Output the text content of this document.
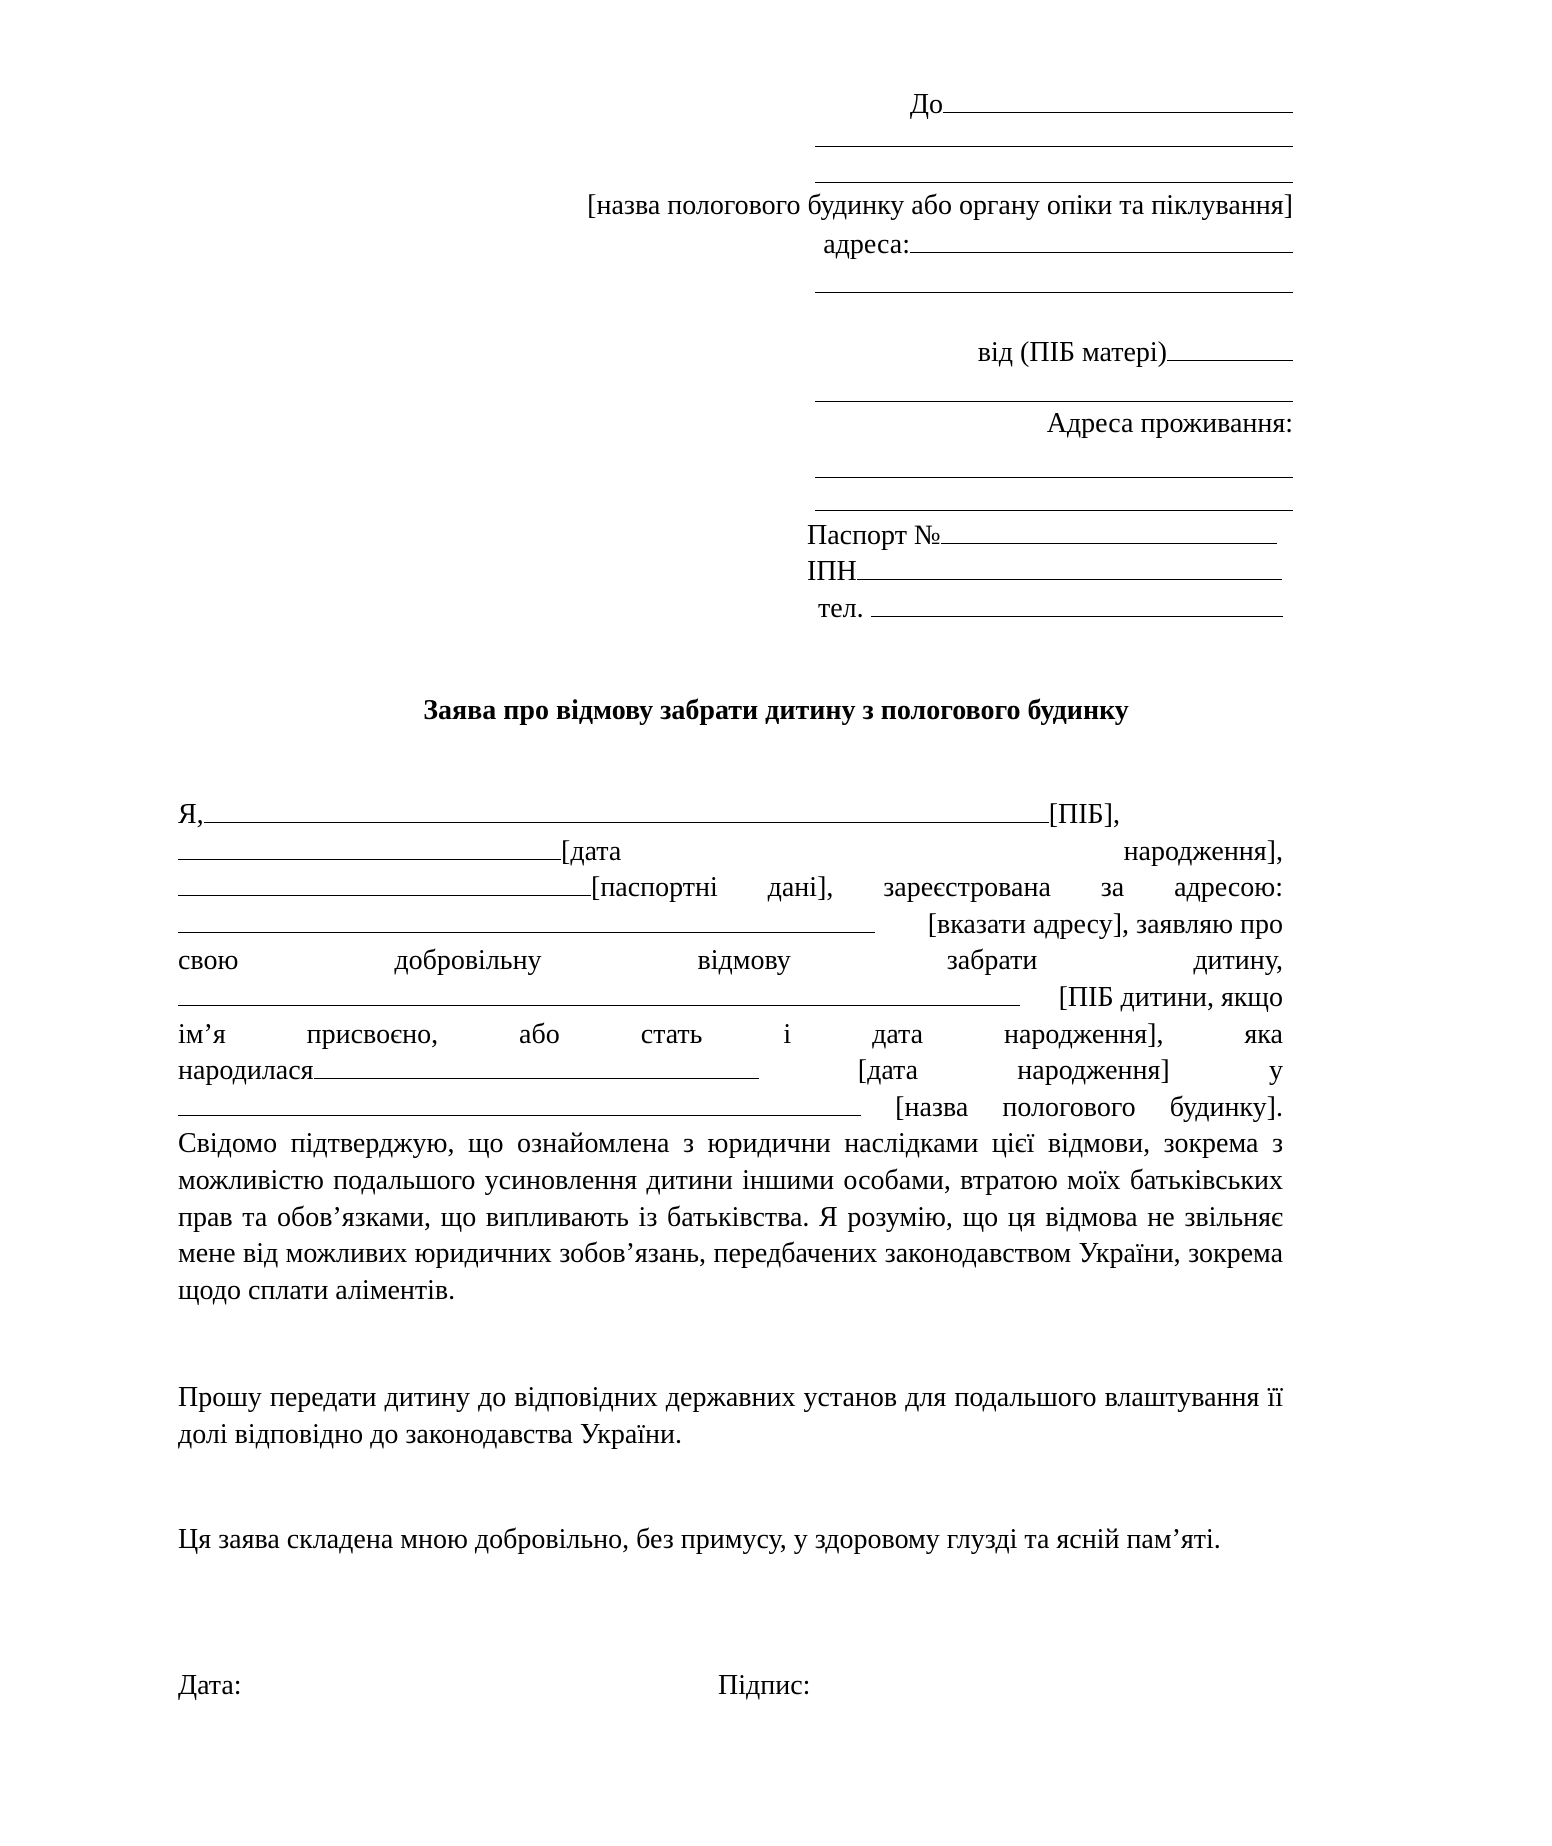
До
[назва пологового будинку або органу опіки та піклування]
адреса:
від (ПІБ матері)
Адреса проживання:
Паспорт №
ІПН
тел.
Заява про відмову забрати дитину з пологового будинку
Я,	[ПІБ],
[дата	народження],
[паспортні дані], зареєстрована за адресою:
[вказати адресу], заявляю про
свою	добровільну	відмову	забрати	дитину,
[ПІБ дитини, якщо
ім’я	присвоєно,	або	стать	і	дата	народження],	яка
народилася	[дата	народження]	у
[назва пологового будинку].
Свідомо підтверджую, що ознайомлена з юридични наслідками цієї відмови, зокрема з можливістю подальшого усиновлення дитини іншими особами, втратою моїх батьківських прав та обов’язками, що випливають із батьківства. Я розумію, що ця відмова не звільняє мене від можливих юридичних зобов’язань, передбачених законодавством України, зокрема щодо сплати аліментів.
Прошу передати дитину до відповідних державних установ для подальшого влаштування її долі відповідно до законодавства України.
Ця заява складена мною добровільно, без примусу, у здоровому глузді та ясній пам’яті.
Дата:	Підпис:
